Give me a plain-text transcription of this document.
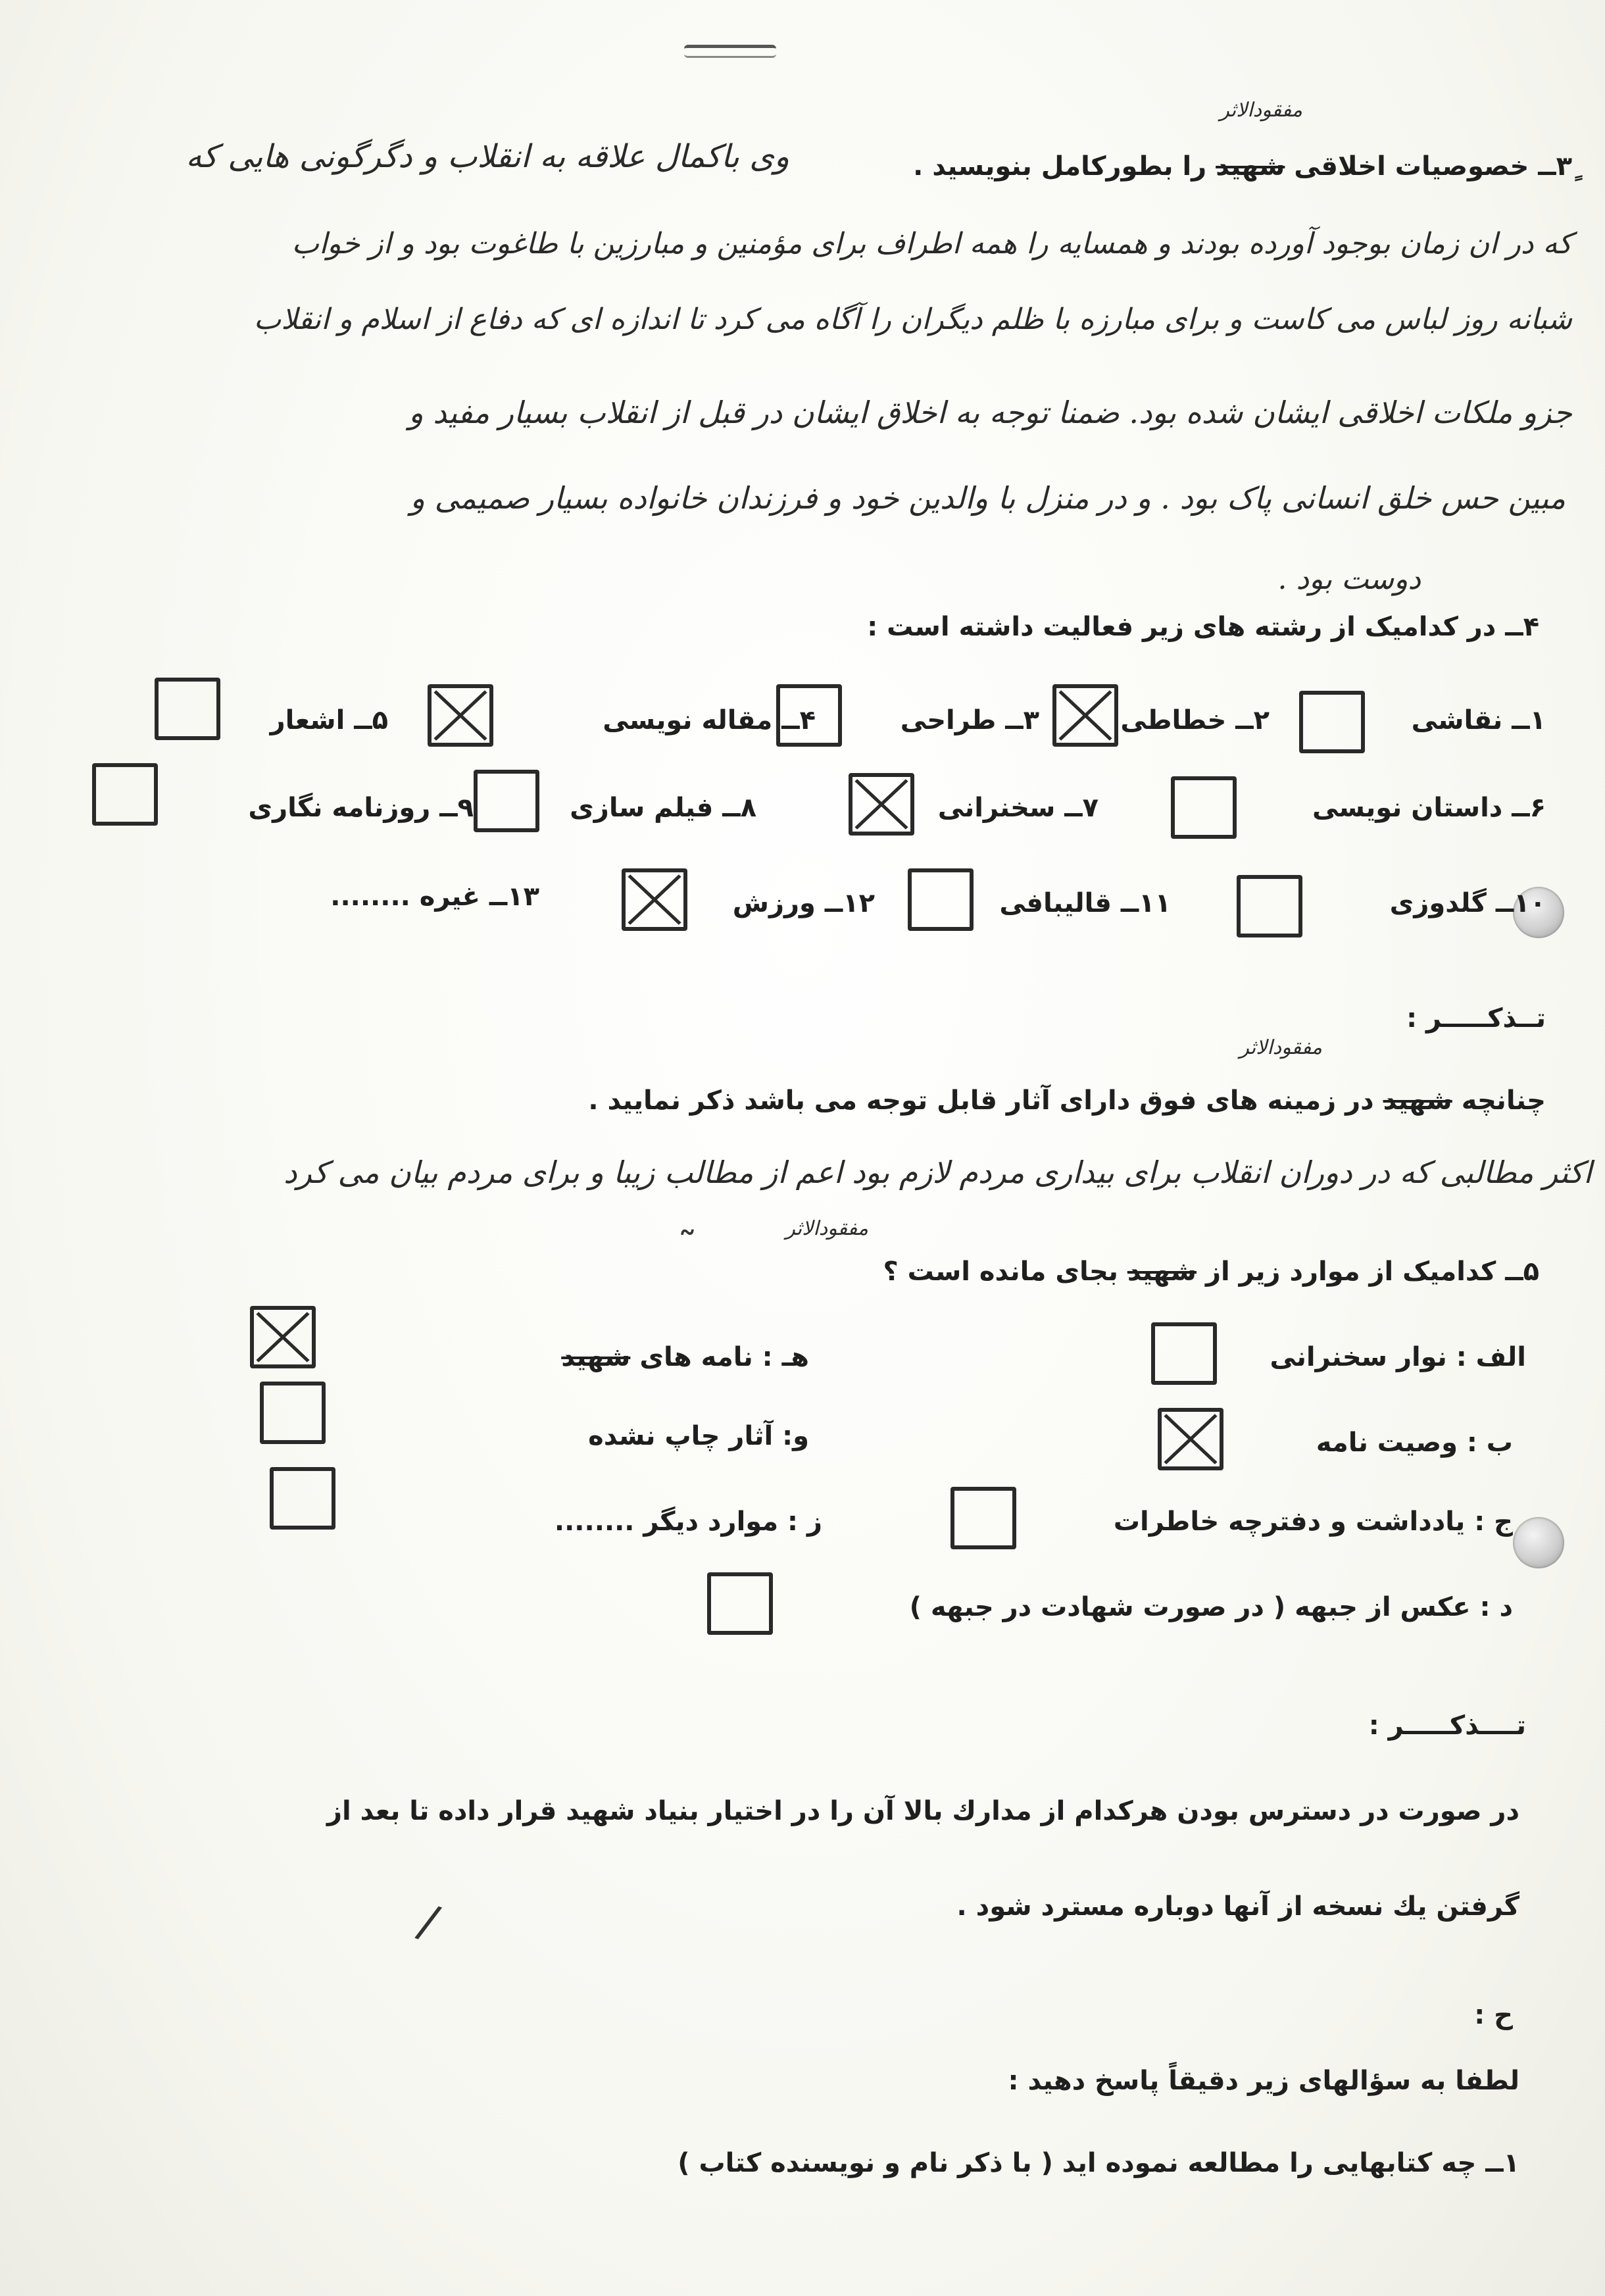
ٍ۳ــ خصوصیات اخلاقی شهید را بطورکامل بنویسید .
مفقودالاثر
وی باکمال علاقه به انقلاب و دگرگونی هایی که
که در ان زمان بوجود آورده بودند و همسایه را همه اطراف برای مؤمنین و مبارزین با طاغوت بود و از خواب
شبانه روز لباس می کاست و برای مبارزه با ظلم دیگران را آگاه می کرد تا اندازه ای که دفاع از اسلام و انقلاب
جزو ملکات اخلاقی ایشان شده بود. ضمنا توجه به اخلاق ایشان در قبل از انقلاب بسیار مفید و
مبین حس خلق انسانی پاک بود . و در منزل با والدین خود و فرزندان خانواده بسیار صمیمی و
دوست بود .
۴ــ در کدامیک از رشته های زیر فعالیت داشته است :
۱ــ نقاشی
۲ــ خطاطی
۳ــ طراحی
۴ــ مقاله نویسی
۵ــ اشعار
۶ــ داستان نویسی
۷ــ سخنرانی
۸ــ فیلم سازی
۹ــ روزنامه نگاری
۱۰ــ گلدوزی
۱۱ــ قالیبافی
۱۲ــ ورزش
۱۳ــ غیره ........
تــذکـــــر :
مفقودالاثر
چنانچه شهید در زمینه های فوق دارای آثار قابل توجه می باشد ذکر نمایید .
اکثر مطالبی که در دوران انقلاب برای بیداری مردم لازم بود اعم از مطالب زیبا و برای مردم بیان می کرد
مفقودالاثر
۵ــ کدامیک از موارد زیر از شهید بجای مانده است ؟
الف : نوار سخنرانی
ب : وصیت نامه
ج : یادداشت و دفترچه خاطرات
د : عکس از جبهه ( در صورت شهادت در جبهه )
هـ : نامه های شهید
و: آثار چاپ نشده
ز : موارد دیگر ........
تــــذکـــــر :
در صورت در دسترس بودن هرکدام از مدارك بالا آن را در اختیار بنیاد شهید قرار داده تا بعد از
گرفتن یك نسخه از آنها دوباره مسترد شود .
ح :
لطفا به سؤالهای زیر دقیقاً پاسخ دهید :
۱ــ چه کتابهایی را مطالعه نموده اید ( با ذکر نام و نویسنده کتاب )
˜
/
